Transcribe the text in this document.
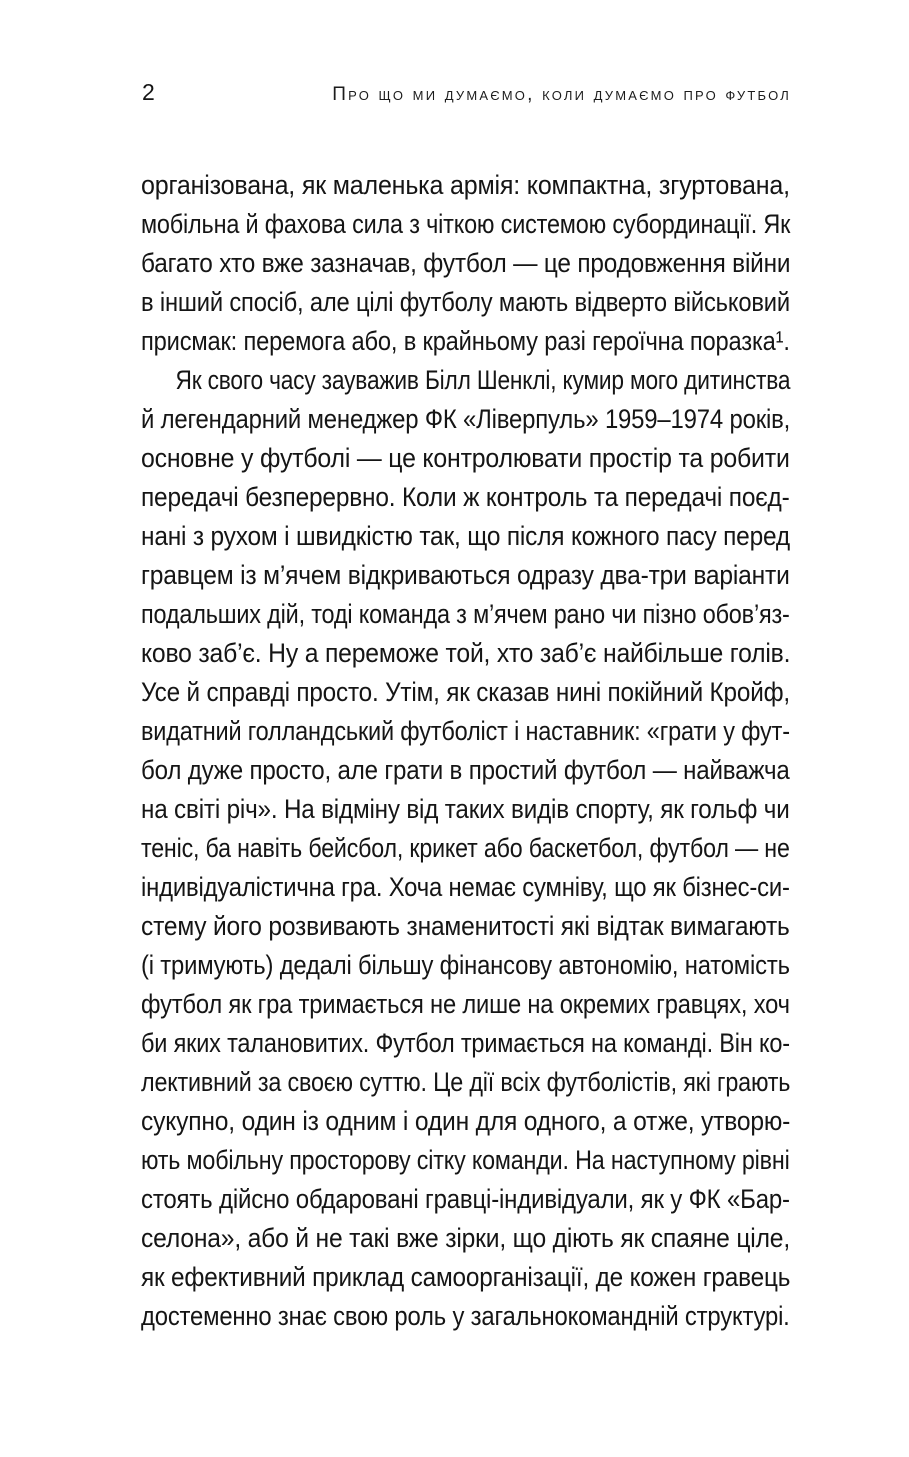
2	Про що ми думаємо, коли думаємо про футбол
організована, як маленька армія: компактна, згуртована,
мобільна й фахова сила з чіткою системою субординації. Як
багато хто вже зазначав, футбол — це продовження війни
в інший спосіб, але цілі футболу мають відверто військовий
присмак: перемога або, в крайньому разі героїчна поразка¹.
Як свого часу зауважив Білл Шенклі, кумир мого дитинства
й легендарний менеджер ФК «Ліверпуль» 1959–1974 років,
основне у футболі — це контролювати простір та робити
передачі безперервно. Коли ж контроль та передачі поєд-
нані з рухом і швидкістю так, що після кожного пасу перед
гравцем із м’ячем відкриваються одразу два-три варіанти
подальших дій, тоді команда з м’ячем рано чи пізно обов’яз-
ково заб’є. Ну а переможе той, хто заб’є найбільше голів.
Усе й справді просто. Утім, як сказав нині покійний Кройф,
видатний голландський футболіст і наставник: «грати у фут-
бол дуже просто, але грати в простий футбол — найважча
на світі річ». На відміну від таких видів спорту, як гольф чи
теніс, ба навіть бейсбол, крикет або баскетбол, футбол — не
індивідуалістична гра. Хоча немає сумніву, що як бізнес-си-
стему його розвивають знаменитості які відтак вимагають
(і тримують) дедалі більшу фінансову автономію, натомість
футбол як гра тримається не лише на окремих гравцях, хоч
би яких талановитих. Футбол тримається на команді. Він ко-
лективний за своєю суттю. Це дії всіх футболістів, які грають
сукупно, один із одним і один для одного, а отже, утворю-
ють мобільну просторову сітку команди. На наступному рівні
стоять дійсно обдаровані гравці-індивідуали, як у ФК «Бар-
селона», або й не такі вже зірки, що діють як спаяне ціле,
як ефективний приклад самоорганізації, де кожен гравець
достеменно знає свою роль у загальнокомандній структурі.
